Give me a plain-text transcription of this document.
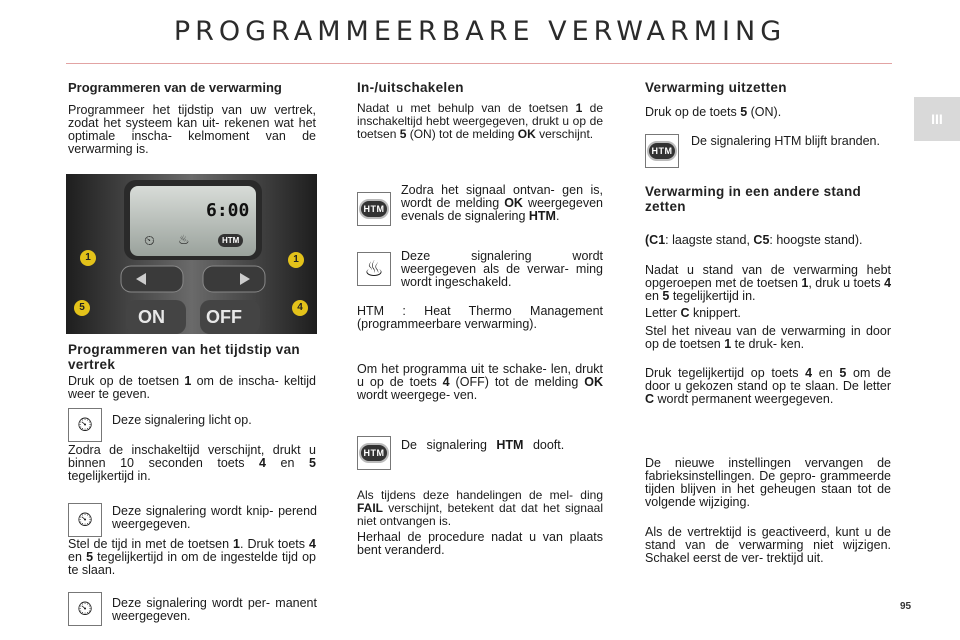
PROGRAMMEERBARE VERWARMING
III
95
Programmeren van de verwarming
Programmeer het tijdstip van uw vertrek, zodat het systeem kan uit- rekenen wat het optimale inscha- kelmoment van de verwarming is.
6:00
⏲ ♨	HTM
ON OFF
1	1
5	4
Programmeren van het tijdstip van vertrek
Druk op de toetsen 1 om de inscha- keltijd weer te geven.
⏲ Deze signalering licht op.
Zodra de inschakeltijd verschijnt, drukt u binnen 10 seconden toets 4 en 5 tegelijkertijd in.
⏲ Deze signalering wordt knip- perend weergegeven.
Stel de tijd in met de toetsen 1. Druk toets 4 en 5 tegelijkertijd in om de ingestelde tijd op te slaan.
⏲ Deze signalering wordt per- manent weergegeven.
In-/uitschakelen
Nadat u met behulp van de toetsen 1 de inschakeltijd hebt weergegeven, drukt u op de toetsen 5 (ON) tot de melding OK verschijnt.
HTM
Zodra het signaal ontvan- gen is, wordt de melding OK weergegeven evenals de signalering HTM.
♨ Deze signalering wordt weergegeven als de verwar- ming wordt ingeschakeld.
HTM : Heat Thermo Management (programmeerbare verwarming).
Om het programma uit te schake- len, drukt u op de toets 4 (OFF) tot de melding OK wordt weergege- ven.
HTM
De signalering HTM dooft.
Als tijdens deze handelingen de mel- ding FAIL verschijnt, betekent dat dat het signaal niet ontvangen is.
Herhaal de procedure nadat u van plaats bent veranderd.
Verwarming uitzetten
Druk op de toets 5 (ON).
HTM
De signalering HTM blijft branden.
Verwarming in een andere stand zetten
(C1: laagste stand, C5: hoogste stand).
Nadat u stand van de verwarming hebt opgeroepen met de toetsen 1, druk u toets 4 en 5 tegelijkertijd in.
Letter C knippert.
Stel het niveau van de verwarming in door op de toetsen 1 te druk- ken.
Druk tegelijkertijd op toets 4 en 5 om de door u gekozen stand op te slaan. De letter C wordt permanent weergegeven.
De nieuwe instellingen vervangen de fabrieksinstellingen. De gepro- grammeerde tijden blijven in het geheugen staan tot de volgende wijziging.
Als de vertrektijd is geactiveerd, kunt u de stand van de verwarming niet wijzigen. Schakel eerst de ver- trektijd uit.
